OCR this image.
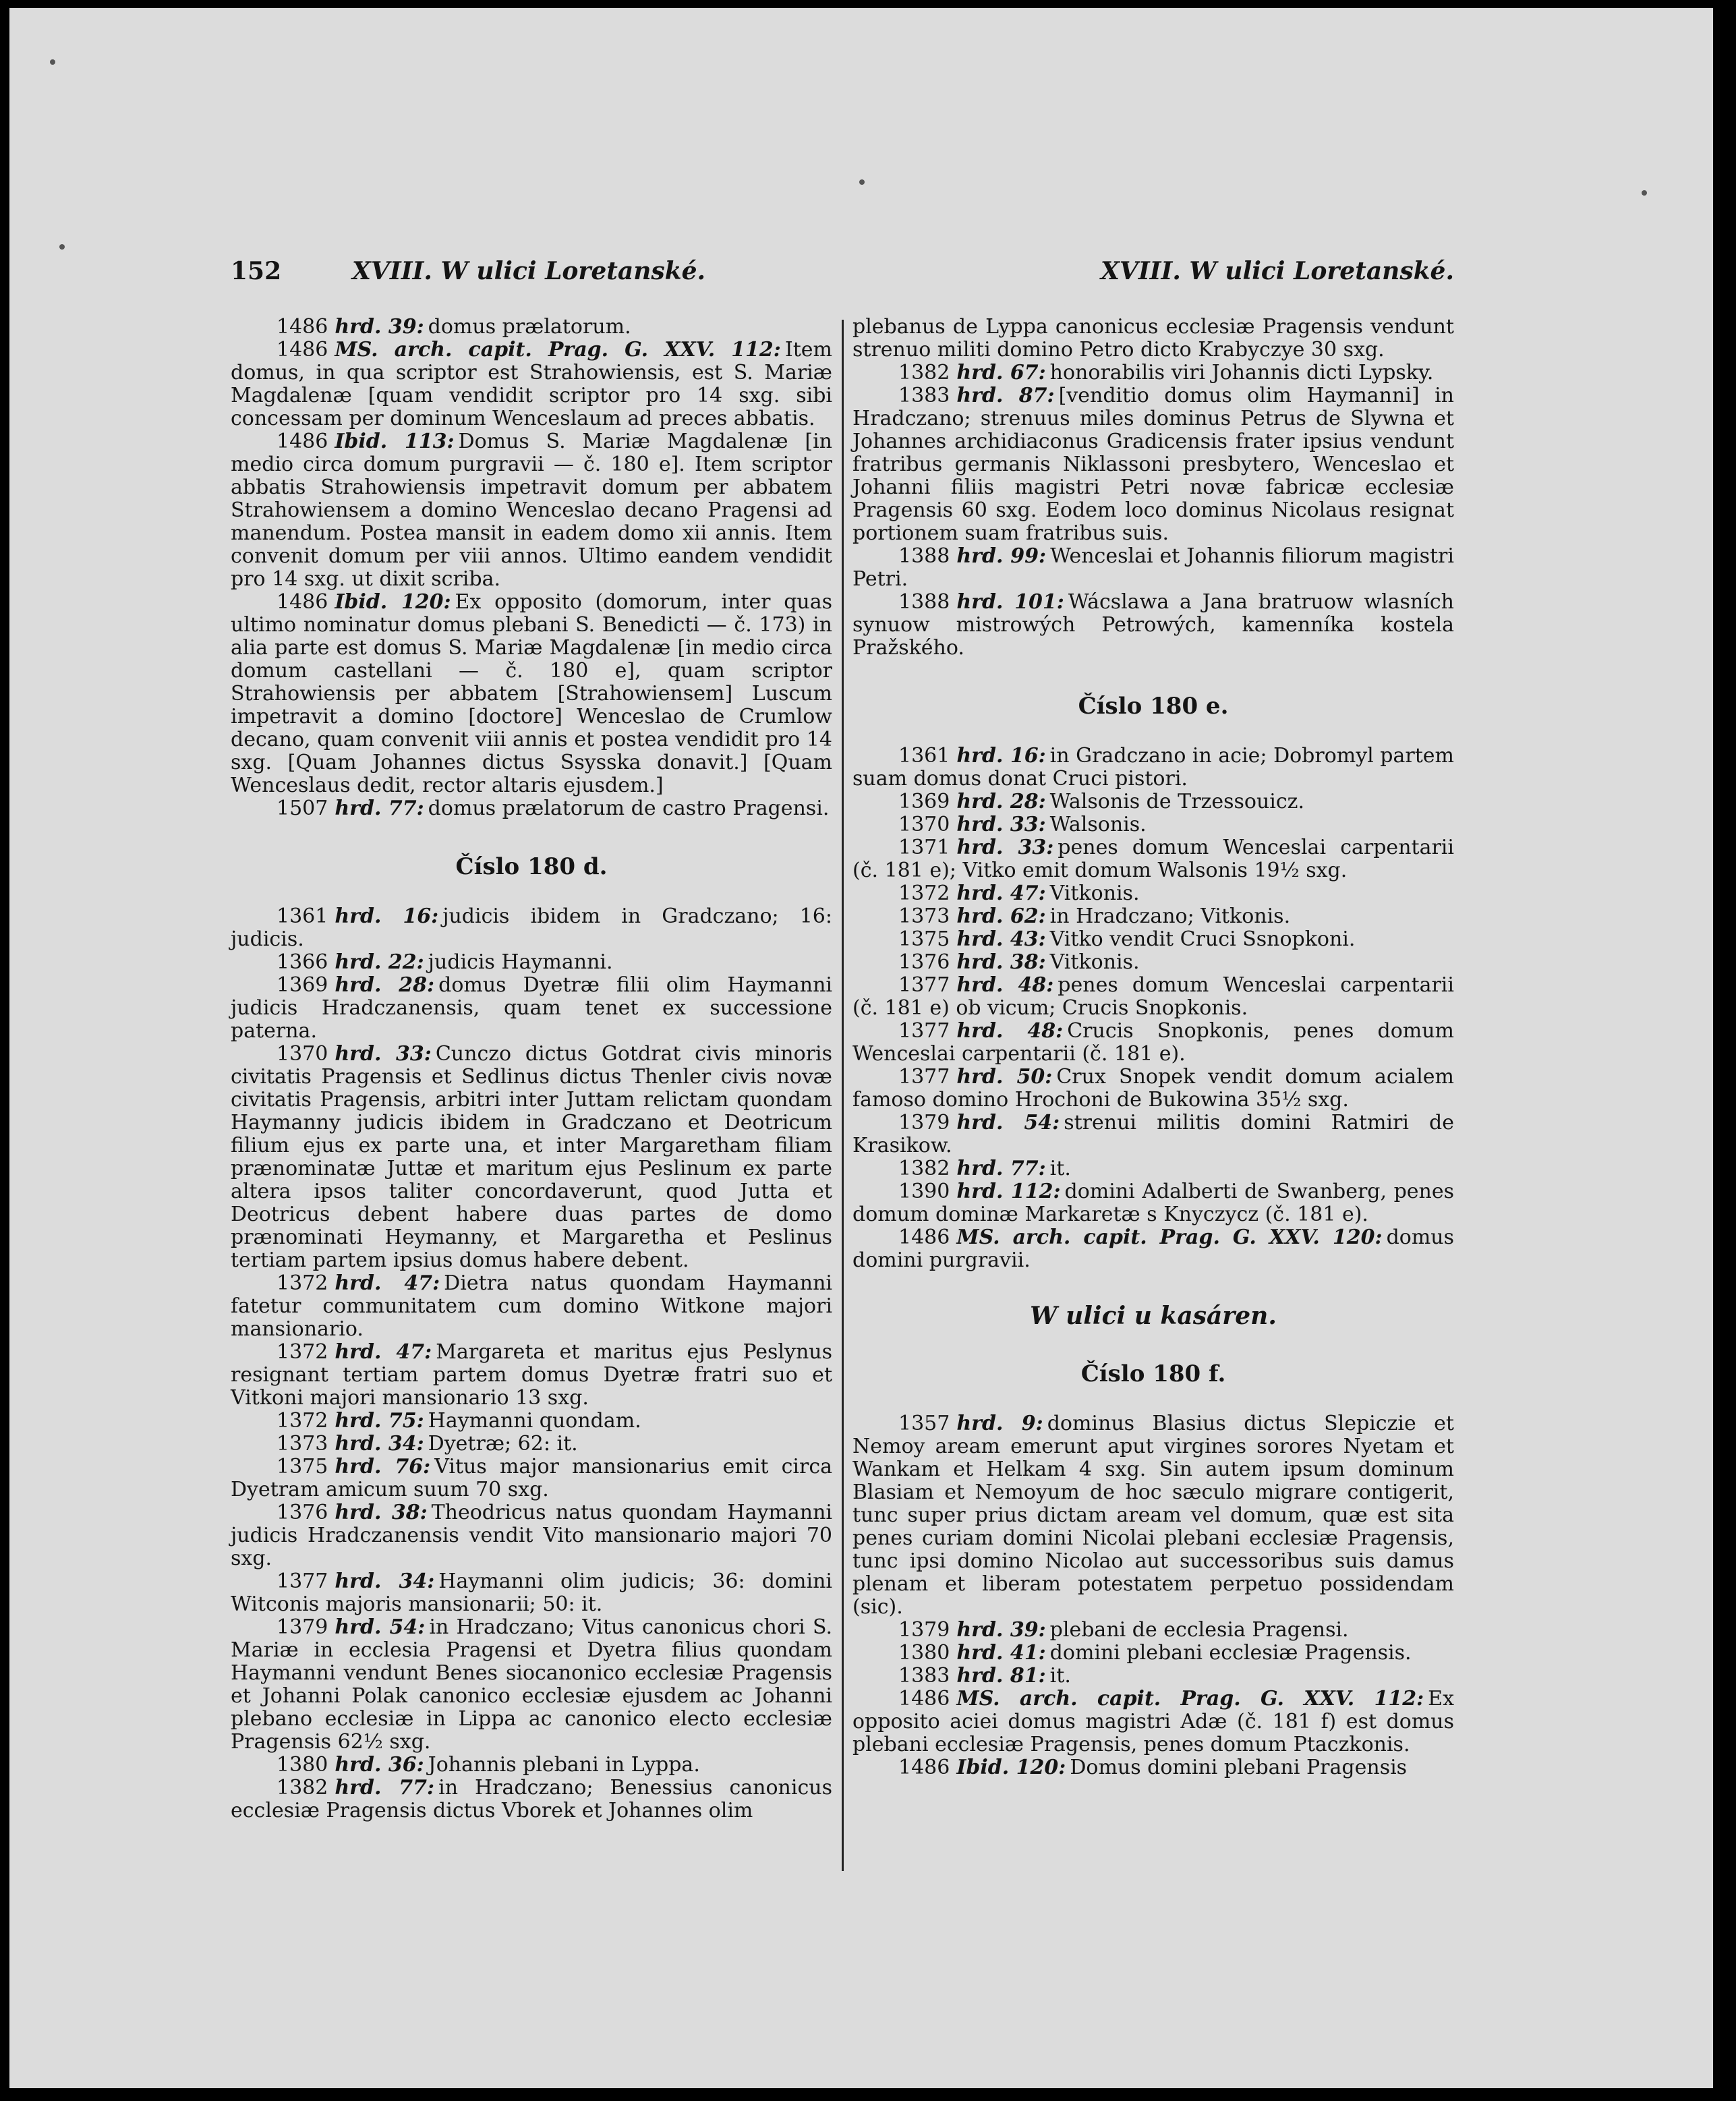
152	XVIII. W ulici Loretanské.	XVIII. W ulici Loretanské.

1486 hrd. 39: domus prælatorum.

1486 MS. arch. capit. Prag. G. XXV. 112: Item domus, in qua scriptor est Strahowiensis, est S. Mariæ Magdalenæ [quam vendidit scriptor pro 14 sxg. sibi concessam per dominum Wenceslaum ad preces abbatis.

1486 Ibid. 113: Domus S. Mariæ Magdalenæ [in medio circa domum purgravii — č. 180 e]. Item scriptor abbatis Strahowiensis impetravit domum per abbatem Strahowiensem a domino Wenceslao decano Pragensi ad manendum. Postea mansit in eadem domo xii annis. Item convenit domum per viii annos. Ultimo eandem vendidit pro 14 sxg. ut dixit scriba.

1486 Ibid. 120: Ex opposito (domorum, inter quas ultimo nominatur domus plebani S. Benedicti — č. 173) in alia parte est domus S. Mariæ Magdalenæ [in medio circa domum castellani — č. 180 e], quam scriptor Strahowiensis per abbatem [Strahowiensem] Luscum impetravit a domino [doctore] Wenceslao de Crumlow decano, quam convenit viii annis et postea vendidit pro 14 sxg. [Quam Johannes dictus Ssysska donavit.] [Quam Wenceslaus dedit, rector altaris ejusdem.]

1507 hrd. 77: domus prælatorum de castro Pragensi.

Číslo 180 d.

1361 hrd. 16: judicis ibidem in Gradczano; 16: judicis.

1366 hrd. 22: judicis Haymanni.

1369 hrd. 28: domus Dyetræ filii olim Haymanni judicis Hradczanensis, quam tenet ex successione paterna.

1370 hrd. 33: Cunczo dictus Gotdrat civis minoris civitatis Pragensis et Sedlinus dictus Thenler civis novæ civitatis Pragensis, arbitri inter Juttam relictam quondam Haymanny judicis ibidem in Gradczano et Deotricum filium ejus ex parte una, et inter Margaretham filiam prænominatæ Juttæ et maritum ejus Peslinum ex parte altera ipsos taliter concordaverunt, quod Jutta et Deotricus debent habere duas partes de domo prænominati Heymanny, et Margaretha et Peslinus tertiam partem ipsius domus habere debent.

1372 hrd. 47: Dietra natus quondam Haymanni fatetur communitatem cum domino Witkone majori mansionario.

1372 hrd. 47: Margareta et maritus ejus Peslynus resignant tertiam partem domus Dyetræ fratri suo et Vitkoni majori mansionario 13 sxg.

1372 hrd. 75: Haymanni quondam.

1373 hrd. 34: Dyetræ; 62: it.

1375 hrd. 76: Vitus major mansionarius emit circa Dyetram amicum suum 70 sxg.

1376 hrd. 38: Theodricus natus quondam Haymanni judicis Hradczanensis vendit Vito mansionario majori 70 sxg.

1377 hrd. 34: Haymanni olim judicis; 36: domini Witconis majoris mansionarii; 50: it.

1379 hrd. 54: in Hradczano; Vitus canonicus chori S. Mariæ in ecclesia Pragensi et Dyetra filius quondam Haymanni vendunt Benes siocanonico ecclesiæ Pragensis et Johanni Polak canonico ecclesiæ ejusdem ac Johanni plebano ecclesiæ in Lippa ac canonico electo ecclesiæ Pragensis 62½ sxg.

1380 hrd. 36: Johannis plebani in Lyppa.

1382 hrd. 77: in Hradczano; Benessius canonicus ecclesiæ Pragensis dictus Vborek et Johannes olim

plebanus de Lyppa canonicus ecclesiæ Pragensis vendunt strenuo militi domino Petro dicto Krabyczye 30 sxg.

1382 hrd. 67: honorabilis viri Johannis dicti Lypsky.

1383 hrd. 87: [venditio domus olim Haymanni] in Hradczano; strenuus miles dominus Petrus de Slywna et Johannes archidiaconus Gradicensis frater ipsius vendunt fratribus germanis Niklassoni presbytero, Wenceslao et Johanni filiis magistri Petri novæ fabricæ ecclesiæ Pragensis 60 sxg. Eodem loco dominus Nicolaus resignat portionem suam fratribus suis.

1388 hrd. 99: Wenceslai et Johannis filiorum magistri Petri.

1388 hrd. 101: Wácslawa a Jana bratruow wlasních synuow mistrowých Petrowých, kamenníka kostela Pražského.

Číslo 180 e.

1361 hrd. 16: in Gradczano in acie; Dobromyl partem suam domus donat Cruci pistori.

1369 hrd. 28: Walsonis de Trzessouicz.

1370 hrd. 33: Walsonis.

1371 hrd. 33: penes domum Wenceslai carpentarii (č. 181 e); Vitko emit domum Walsonis 19½ sxg.

1372 hrd. 47: Vitkonis.

1373 hrd. 62: in Hradczano; Vitkonis.

1375 hrd. 43: Vitko vendit Cruci Ssnopkoni.

1376 hrd. 38: Vitkonis.

1377 hrd. 48: penes domum Wenceslai carpentarii (č. 181 e) ob vicum; Crucis Snopkonis.

1377 hrd. 48: Crucis Snopkonis, penes domum Wenceslai carpentarii (č. 181 e).

1377 hrd. 50: Crux Snopek vendit domum acialem famoso domino Hrochoni de Bukowina 35½ sxg.

1379 hrd. 54: strenui militis domini Ratmiri de Krasikow.

1382 hrd. 77: it.

1390 hrd. 112: domini Adalberti de Swanberg, penes domum dominæ Markaretæ s Knyczycz (č. 181 e).

1486 MS. arch. capit. Prag. G. XXV. 120: domus domini purgravii.

W ulici u kasáren.
Číslo 180 f.

1357 hrd. 9: dominus Blasius dictus Slepiczie et Nemoy aream emerunt aput virgines sorores Nyetam et Wankam et Helkam 4 sxg. Sin autem ipsum dominum Blasiam et Nemoyum de hoc sæculo migrare contigerit, tunc super prius dictam aream vel domum, quæ est sita penes curiam domini Nicolai plebani ecclesiæ Pragensis, tunc ipsi domino Nicolao aut successoribus suis damus plenam et liberam potestatem perpetuo possidendam (sic).

1379 hrd. 39: plebani de ecclesia Pragensi.

1380 hrd. 41: domini plebani ecclesiæ Pragensis.

1383 hrd. 81: it.

1486 MS. arch. capit. Prag. G. XXV. 112: Ex opposito aciei domus magistri Adæ (č. 181 f) est domus plebani ecclesiæ Pragensis, penes domum Ptaczkonis.

1486 Ibid. 120: Domus domini plebani Pragensis
